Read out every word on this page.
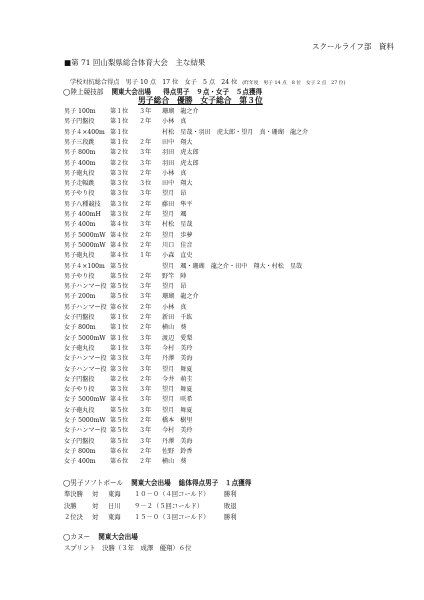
スクールライフ部　資料
■第 71 回山梨県総合体育大会　主な結果
学校対抗総合得点　男子 10 点　17 位　女子　5 点　24 位 (昨年度　男子 14 点　8 位　女子 2 点　27 位)
◯陸上競技部 関東大会出場 得点男子　９点・女子　５点獲得
男子総合　優勝　女子総合　第３位
男子 100m 第１位 ３年 珊瑚　龍之介
男子円盤投	第１位 ２年 小林　真
男子４×400m 第１位	村松　星哉・羽田　虎太郎・望月　真・珊瑚　龍之介
男子三段跳	第１位 ２年 田中　翔大
男子 800m 第２位 ３年 羽田　虎太郎
男子 400m 第２位 ３年 羽田　虎太郎
男子砲丸投	第３位 ２年 小林　真
男子走幅跳	第３位 ３位 田中　翔大
男子やり投	第３位 ３年 望月　昂
男子八種競技 第３位 ２年 藤田　隼平
男子 400mH 第３位 ２年 望月　颯
男子 400m 第４位 ３年 村松　星哉
男子 5000mW 第４位 ２年 望月　歩夢
男子 5000mW 第４位 ２年 川口　佳音
男子砲丸投	第４位 １年 小森　直史
男子４×100m 第５位	望月　颯・珊瑚　龍之介・田中　翔大・村松　星哉
男子やり投	第５位 ２年 野竿　陣
男子ハンマー投 第５位 ３年 望月　昂
男子 200m 第５位 ３年 珊瑚　龍之介
男子ハンマー投 第６位 ２年 小林　真
女子円盤投	第１位 ２年 新田　千紘
女子 800m 第１位 ２年 横山　葵
女子 5000mW 第１位 ３年 渡辺　愛梨
女子砲丸投	第１位 ３年 今村　美玲
女子ハンマー投 第３位 ３年 丹澤　美海
女子ハンマー投 第３位 ３年 望月　舞夏
女子円盤投	第２位 ２年 今井　萌圭
女子やり投	第３位 ３年 望月　舞夏
女子 5000mW 第４位 ３年 望月　咲希
女子砲丸投	第５位 ３年 望月　舞夏
女子 5000mW 第５位 ２年 橋本　樹里
女子ハンマー投 第５位 ３年 今村　美玲
女子円盤投	第５位 ３年 丹澤　美海
女子 800m 第６位 ２年 佐野　鈴香
女子 400m 第６位 ２年 横山　葵
◯男子ソフトボール 関東大会出場 総体得点男子　１点獲得
準決勝 対 東海 １０－０（４回コールド） 勝利
決勝 対 日川 ９－２（５回コールド）	敗退
２位決 対 東海 １５－０（３回コールド） 勝利
◯カヌー 関東大会出場
スプリント　決勝（３年　成澤　優翔）６位
